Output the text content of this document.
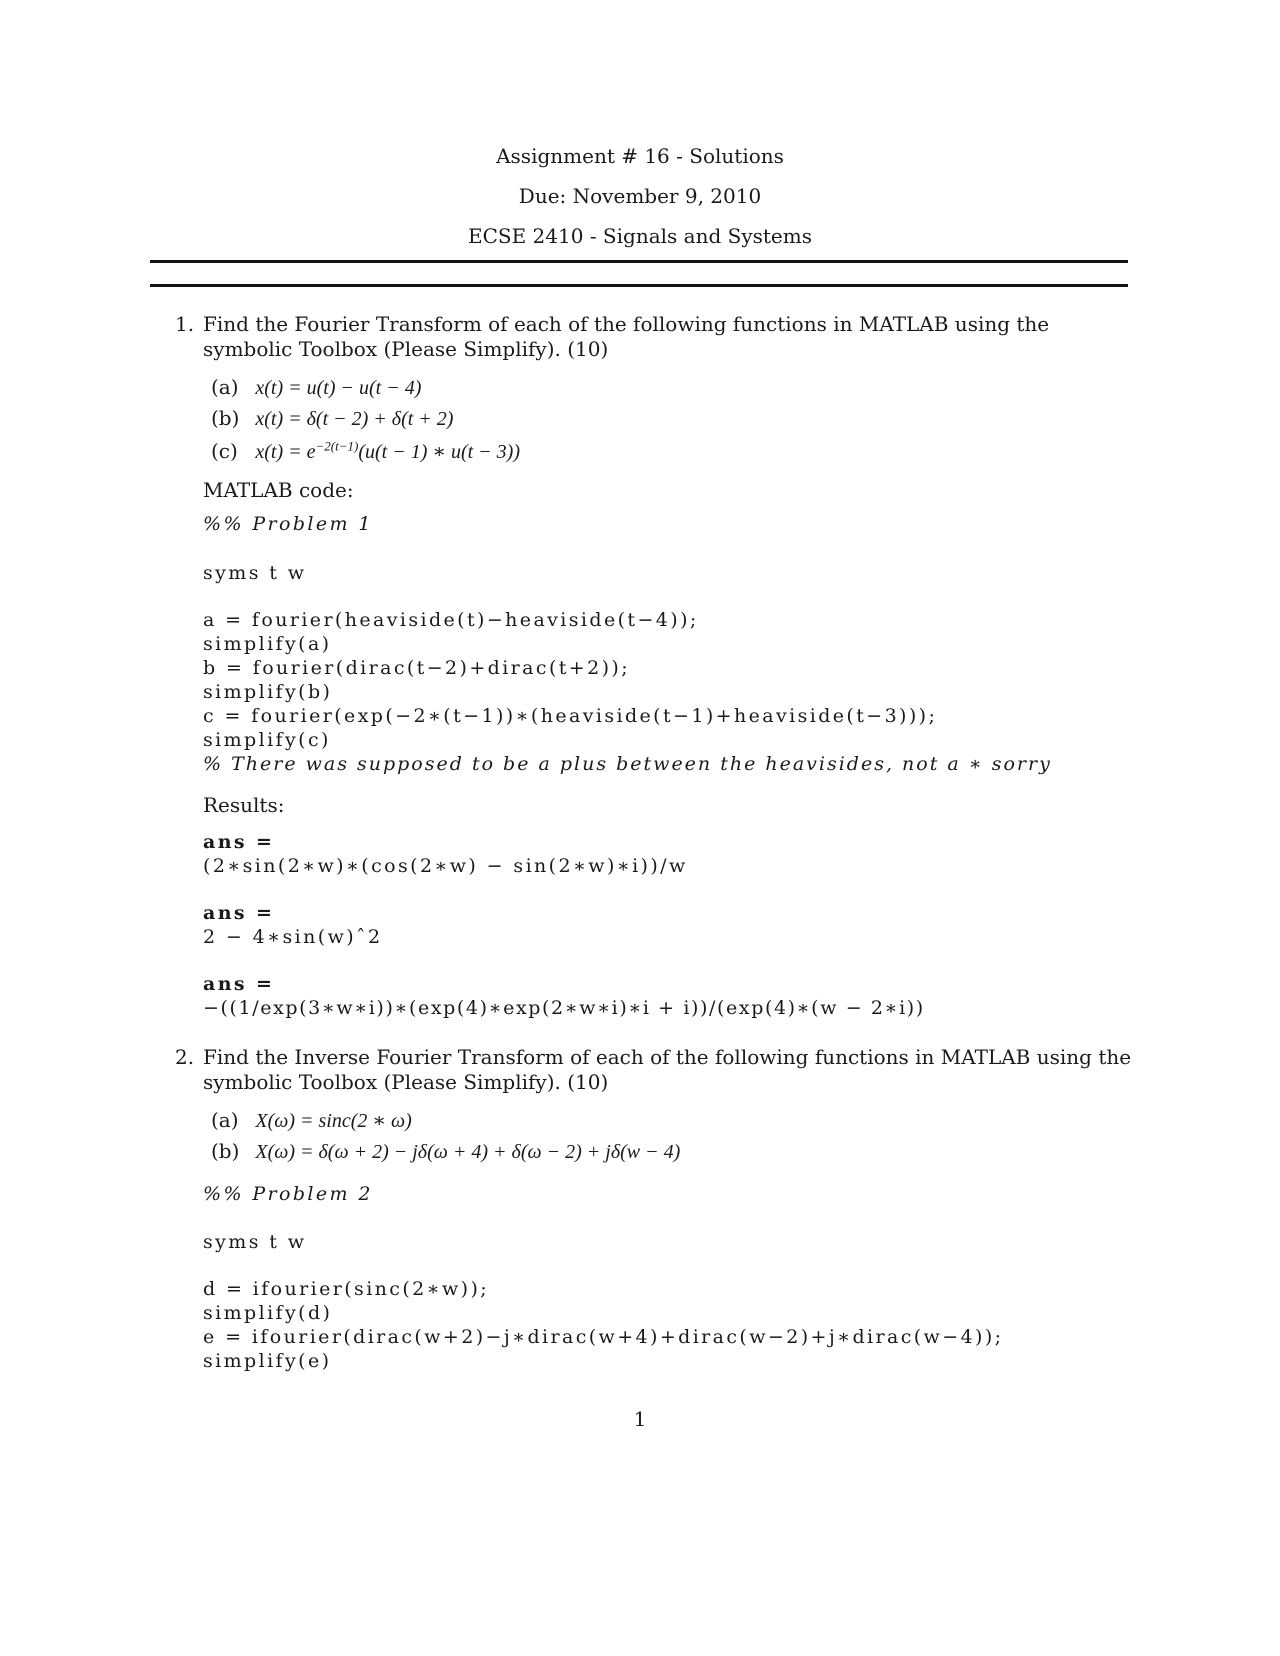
Assignment # 16 - Solutions
Due: November 9, 2010
ECSE 2410 - Signals and Systems
1. Find the Fourier Transform of each of the following functions in MATLAB using the symbolic Toolbox (Please Simplify). (10)
(a) x(t) = u(t) − u(t − 4)
(b) x(t) = δ(t − 2) + δ(t + 2)
(c) $x(t) = e^{-2(t-1)}(u(t - 1)$ ∗ u(t − 3))
MATLAB code:
%% Problem 1
syms t w
a = fourier(heaviside(t)−heaviside(t−4));
simplify(a)
b = fourier(dirac(t−2)+dirac(t+2));
simplify(b)
c = fourier(exp(−2∗(t−1))∗(heaviside(t−1)+heaviside(t−3)));
simplify(c)
% There was supposed to be a plus between the heavisides, not a ∗ sorry
Results:
ans =
(2∗sin(2∗w)∗(cos(2∗w) − sin(2∗w)∗i))/w
ans =
2 − 4∗sin(w)ˆ2
ans =
−((1/exp(3∗w∗i))∗(exp(4)∗exp(2∗w∗i)∗i + i))/(exp(4)∗(w − 2∗i))
2. Find the Inverse Fourier Transform of each of the following functions in MATLAB using the symbolic Toolbox (Please Simplify). (10)
(a) X(ω) = sinc(2 ∗ ω)
(b) X(ω) = δ(ω + 2) − jδ(ω + 4) + δ(ω − 2) + jδ(w − 4)
%% Problem 2
syms t w
d = ifourier(sinc(2∗w));
simplify(d)
e = ifourier(dirac(w+2)−j∗dirac(w+4)+dirac(w−2)+j∗dirac(w−4));
simplify(e)
1
